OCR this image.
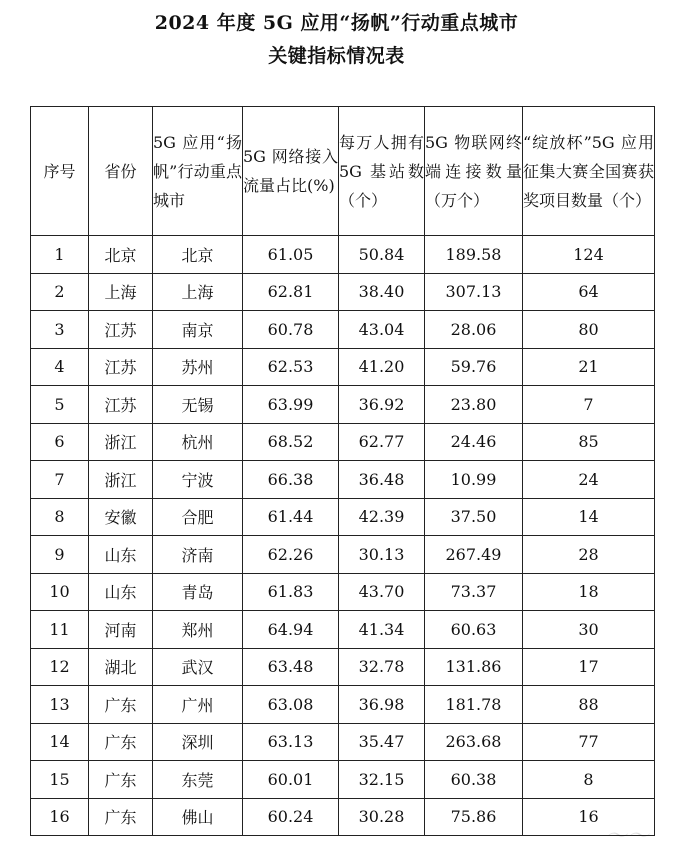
2024 年度 5G 应用“扬帆”行动重点城市
关键指标情况表
序号	省份	5G 应用“扬帆”行动重点城市	5G 网络接入流量占比(%)	每万人拥有 5G 基站数（个）	5G 物联网终端连接数量（万个）	“绽放杯”5G 应用征集大赛全国赛获奖项目数量（个）
1	北京	北京	61.05	50.84	189.58	124
2	上海	上海	62.81	38.40	307.13	64
3	江苏	南京	60.78	43.04	28.06	80
4	江苏	苏州	62.53	41.20	59.76	21
5	江苏	无锡	63.99	36.92	23.80	7
6	浙江	杭州	68.52	62.77	24.46	85
7	浙江	宁波	66.38	36.48	10.99	24
8	安徽	合肥	61.44	42.39	37.50	14
9	山东	济南	62.26	30.13	267.49	28
10	山东	青岛	61.83	43.70	73.37	18
11	河南	郑州	64.94	41.34	60.63	30
12	湖北	武汉	63.48	32.78	131.86	17
13	广东	广州	63.08	36.98	181.78	88
14	广东	深圳	63.13	35.47	263.68	77
15	广东	东莞	60.01	32.15	60.38	8
16	广东	佛山	60.24	30.28	75.86	16
〜〜
